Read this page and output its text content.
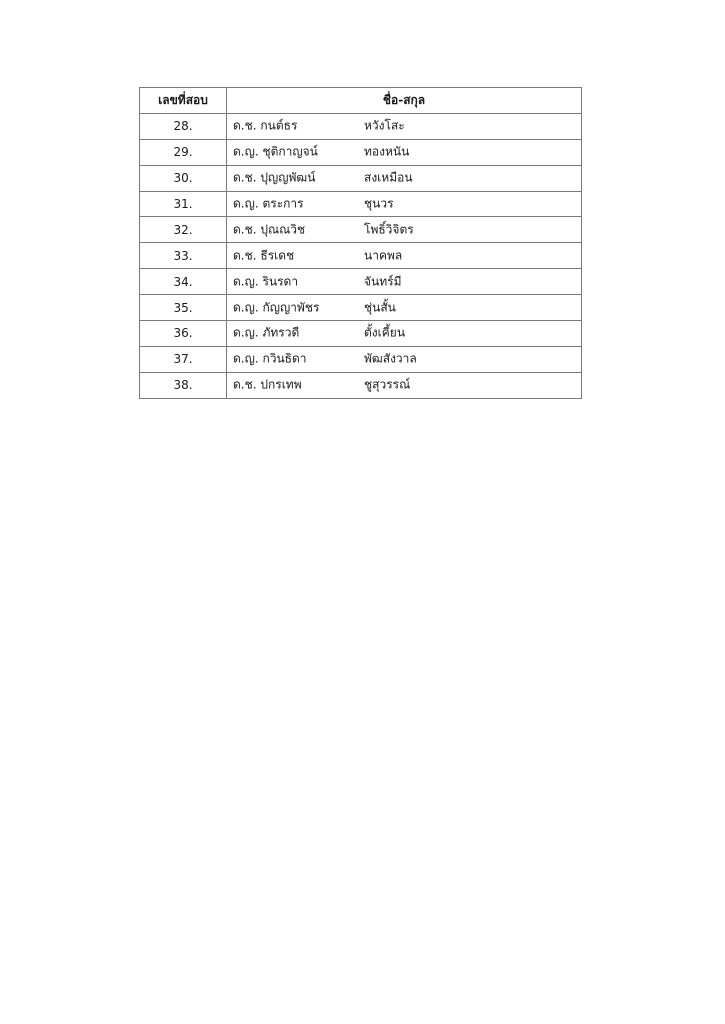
เลขที่สอบ	ชื่อ-สกุล
28.	ด.ช. กนต์ธร หวังโสะ

29.	ด.ญ. ชุติกาญจน์ ทองหนัน

30.	ด.ช. ปุญญพัฒน์ สงเหมือน

31.	ด.ญ. ตระการ ชุนวร

32.	ด.ช. ปุณณวิช โพธิ์วิจิตร

33.	ด.ช. ธีรเดช นาคพล

34.	ด.ญ. รินรดา จันทร์มี

35.	ด.ญ. กัญญาพัชร ชุ่นสั้น

36.	ด.ญ. ภัทรวดี ตั้งเคี้ยน

37.	ด.ญ. กวินธิดา พัฒสังวาล

38.	ด.ช. ปกรเทพ ชูสุวรรณ์
